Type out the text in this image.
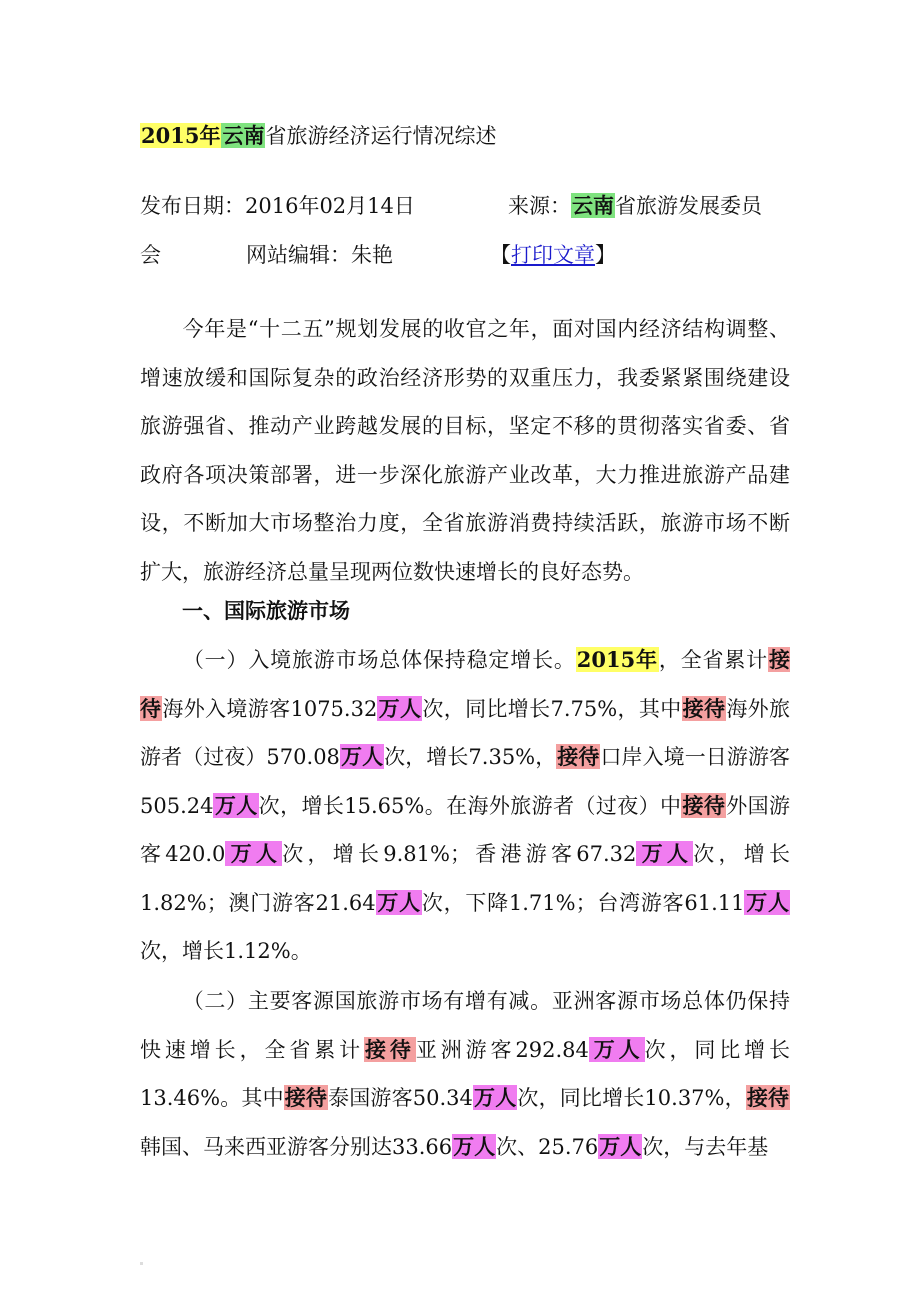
2015年云南省旅游经济运行情况综述
发布日期：2016年02月14日	来源：云南省旅游发展委员
会	网站编辑：朱艳	【打印文章】
今年是“十二五”规划发展的收官之年，面对国内经济结构调整、增速放缓和国际复杂的政治经济形势的双重压力，我委紧紧围绕建设旅游强省、推动产业跨越发展的目标，坚定不移的贯彻落实省委、省政府各项决策部署，进一步深化旅游产业改革，大力推进旅游产品建设，不断加大市场整治力度，全省旅游消费持续活跃，旅游市场不断扩大，旅游经济总量呈现两位数快速增长的良好态势。
一、国际旅游市场
（一）入境旅游市场总体保持稳定增长。2015年，全省累计接待海外入境游客1075.32万人次，同比增长7.75%，其中接待海外旅游者（过夜）570.08万人次，增长7.35%，接待口岸入境一日游游客505.24万人次，增长15.65%。在海外旅游者（过夜）中接待外国游客420.0万人次，增长9.81%；香港游客67.32万人次，增长1.82%；澳门游客21.64万人次，下降1.71%；台湾游客61.11万人次，增长1.12%。
（二）主要客源国旅游市场有增有减。亚洲客源市场总体仍保持快速增长，全省累计接待亚洲游客292.84万人次，同比增长13.46%。其中接待泰国游客50.34万人次，同比增长10.37%，接待韩国、马来西亚游客分别达33.66万人次、25.76万人次，与去年基
